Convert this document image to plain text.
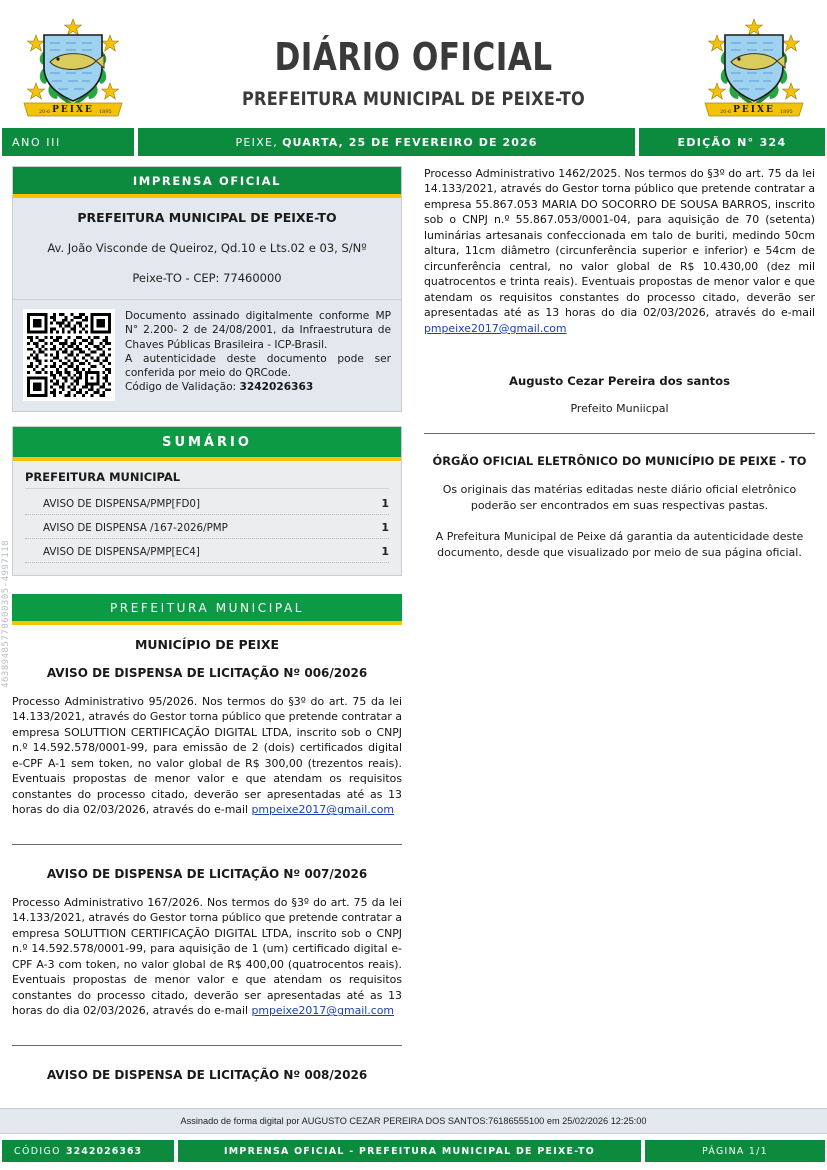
PEIXE
20-6	1895
DIÁRIO OFICIAL
PREFEITURA MUNICIPAL DE PEIXE-TO
PEIXE
20-6	1895
ANO III	PEIXE, QUARTA, 25 DE FEVEREIRO DE 2026	EDIÇÃO N° 324
46389485770600305-4997118
IMPRENSA OFICIAL
PREFEITURA MUNICIPAL DE PEIXE-TO
Av. João Visconde de Queiroz, Qd.10 e Lts.02 e 03, S/Nº
Peixe-TO - CEP: 77460000
Documento assinado digitalmente conforme MP N° 2.200- 2 de 24/08/2001, da Infraestrutura de Chaves Públicas Brasileira - ICP-Brasil.
A autenticidade deste documento pode ser conferida por meio do QRCode.
Código de Validação: 3242026363
SUMÁRIO
PREFEITURA MUNICIPAL
AVISO DE DISPENSA/PMP[FD0]	1
AVISO DE DISPENSA /167-2026/PMP	1
AVISO DE DISPENSA/PMP[EC4]	1
PREFEITURA MUNICIPAL
MUNICÍPIO DE PEIXE
AVISO DE DISPENSA DE LICITAÇÃO Nº 006/2026

Processo Administrativo 95/2026. Nos termos do §3º do art. 75 da lei 14.133/2021, através do Gestor torna público que pretende contratar a empresa SOLUTTION CERTIFICAÇÃO DIGITAL LTDA, inscrito sob o CNPJ n.º 14.592.578/0001-99, para emissão de 2 (dois) certificados digital e-CPF A-1 sem token, no valor global de R$ 300,00 (trezentos reais). Eventuais propostas de menor valor e que atendam os requisitos constantes do processo citado, deverão ser apresentadas até as 13 horas do dia 02/03/2026, através do e-mail pmpeixe2017@gmail.com

AVISO DE DISPENSA DE LICITAÇÃO Nº 007/2026

Processo Administrativo 167/2026. Nos termos do §3º do art. 75 da lei 14.133/2021, através do Gestor torna público que pretende contratar a empresa SOLUTTION CERTIFICAÇÃO DIGITAL LTDA, inscrito sob o CNPJ n.º 14.592.578/0001-99, para aquisição de 1 (um) certificado digital e-CPF A-3 com token, no valor global de R$ 400,00 (quatrocentos reais). Eventuais propostas de menor valor e que atendam os requisitos constantes do processo citado, deverão ser apresentadas até as 13 horas do dia 02/03/2026, através do e-mail pmpeixe2017@gmail.com

AVISO DE DISPENSA DE LICITAÇÃO Nº 008/2026

Processo Administrativo 1462/2025. Nos termos do §3º do art. 75 da lei 14.133/2021, através do Gestor torna público que pretende contratar a empresa 55.867.053 MARIA DO SOCORRO DE SOUSA BARROS, inscrito sob o CNPJ n.º 55.867.053/0001-04, para aquisição de 70 (setenta) luminárias artesanais confeccionada em talo de buriti, medindo 50cm altura, 11cm diâmetro (circunferência superior e inferior) e 54cm de circunferência central, no valor global de R$ 10.430,00 (dez mil quatrocentos e trinta reais). Eventuais propostas de menor valor e que atendam os requisitos constantes do processo citado, deverão ser apresentadas até as 13 horas do dia 02/03/2026, através do e-mail pmpeixe2017@gmail.com

Augusto Cezar Pereira dos santos
Prefeito Muniicpal
ÓRGÃO OFICIAL ELETRÔNICO DO MUNICÍPIO DE PEIXE - TO
Os originais das matérias editadas neste diário oficial eletrônico poderão ser encontrados em suas respectivas pastas.
A Prefeitura Municipal de Peixe dá garantia da autenticidade deste documento, desde que visualizado por meio de sua página oficial.
Assinado de forma digital por AUGUSTO CEZAR PEREIRA DOS SANTOS:76186555100 em 25/02/2026 12:25:00
CÓDIGO 3242026363	IMPRENSA OFICIAL - PREFEITURA MUNICIPAL DE PEIXE-TO	PÁGINA 1/1
